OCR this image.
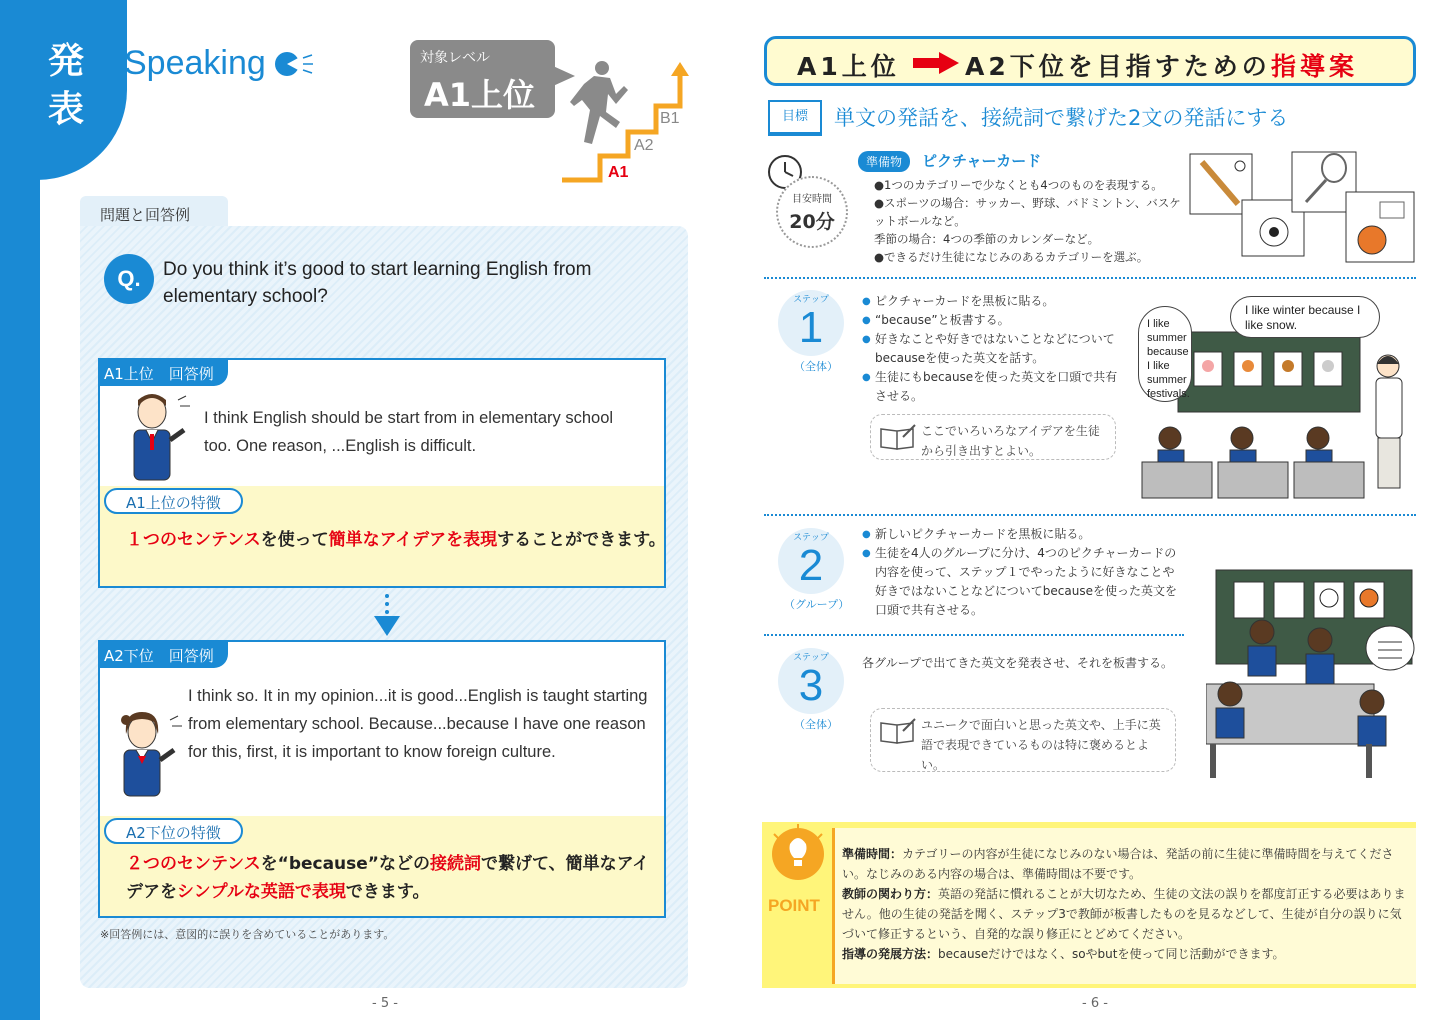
発表
Speaking	対象レベル
A1上位
A1
A2
B1
問題と回答例
Q.	Do you think it’s good to start learning English from elementary school?
A1上位　回答例
I think English should be start from in elementary school too. One reason, ...English is difficult.
A1上位の特徴
１つのセンテンスを使って簡単なアイデアを表現することができます。
A2下位　回答例
I think so. It in my opinion...it is good...English is taught starting from elementary school. Because...because I have one reason for this, first, it is important to know foreign culture.
A2下位の特徴
２つのセンテンスを“because”などの接続詞で繋げて、簡単なアイデアをシンプルな英語で表現できます。
※回答例には、意図的に誤りを含めていることがあります。
- 5 -
A1上位	A2下位を目指すための 指導案
目標	単文の発話を、接続詞で繋げた2文の発話にする
目安時間
20分
準備物	ピクチャーカード
●1つのカテゴリーで少なくとも4つのものを表現する。
●スポーツの場合：サッカー、野球、バドミントン、バスケットボールなど。
季節の場合：4つの季節のカレンダーなど。
●できるだけ生徒になじみのあるカテゴリーを選ぶ。
ステップ
1
（全体）
● ピクチャーカードを黒板に貼る。
● “because”と板書する。
● 好きなことや好きではないことなどについてbecauseを使った英文を話す。
● 生徒にもbecauseを使った英文を口頭で共有させる。
ここでいろいろなアイデアを生徒から引き出すとよい。
I like summer because I like summer festivals.
I like winter because I like snow.
ステップ
2
（グループ）
● 新しいピクチャーカードを黒板に貼る。
● 生徒を4人のグループに分け、4つのピクチャーカードの内容を使って、ステップ１でやったように好きなことや好きではないことなどについてbecauseを使った英文を口頭で共有させる。
ステップ
3
（全体）
各グループで出てきた英文を発表させ、それを板書する。
ユニークで面白いと思った英文や、上手に英語で表現できているものは特に褒めるとよい。
POINT
準備時間：カテゴリーの内容が生徒になじみのない場合は、発話の前に生徒に準備時間を与えてください。なじみのある内容の場合は、準備時間は不要です。
教師の関わり方：英語の発話に慣れることが大切なため、生徒の文法の誤りを都度訂正する必要はありません。他の生徒の発話を聞く、ステップ3で教師が板書したものを見るなどして、生徒が自分の誤りに気づいて修正するという、自発的な誤り修正にとどめてください。
指導の発展方法：becauseだけではなく、soやbutを使って同じ活動ができます。
- 6 -
